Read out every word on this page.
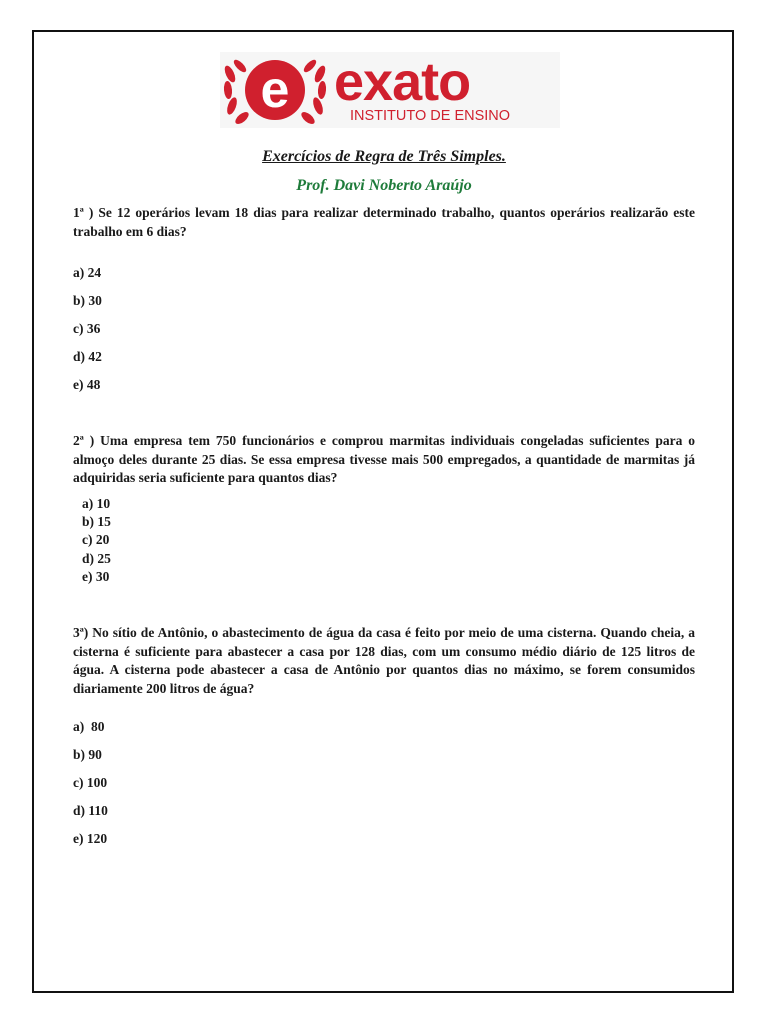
e exato
INSTITUTO DE ENSINO
Exercícios de Regra de Três Simples.
Prof. Davi Noberto Araújo
1ª ) Se 12 operários levam 18 dias para realizar determinado trabalho, quantos operários realizarão este trabalho em 6 dias?
a) 24
b) 30
c) 36
d) 42
e) 48
2ª ) Uma empresa tem 750 funcionários e comprou marmitas individuais congeladas suficientes para o almoço deles durante 25 dias. Se essa empresa tivesse mais 500 empregados, a quantidade de marmitas já adquiridas seria suficiente para quantos dias?
a) 10
b) 15
c) 20
d) 25
e) 30
3ª) No sítio de Antônio, o abastecimento de água da casa é feito por meio de uma cisterna. Quando cheia, a cisterna é suficiente para abastecer a casa por 128 dias, com um consumo médio diário de 125 litros de água. A cisterna pode abastecer a casa de Antônio por quantos dias no máximo, se forem consumidos diariamente 200 litros de água?
a)  80
b) 90
c) 100
d) 110
e) 120
